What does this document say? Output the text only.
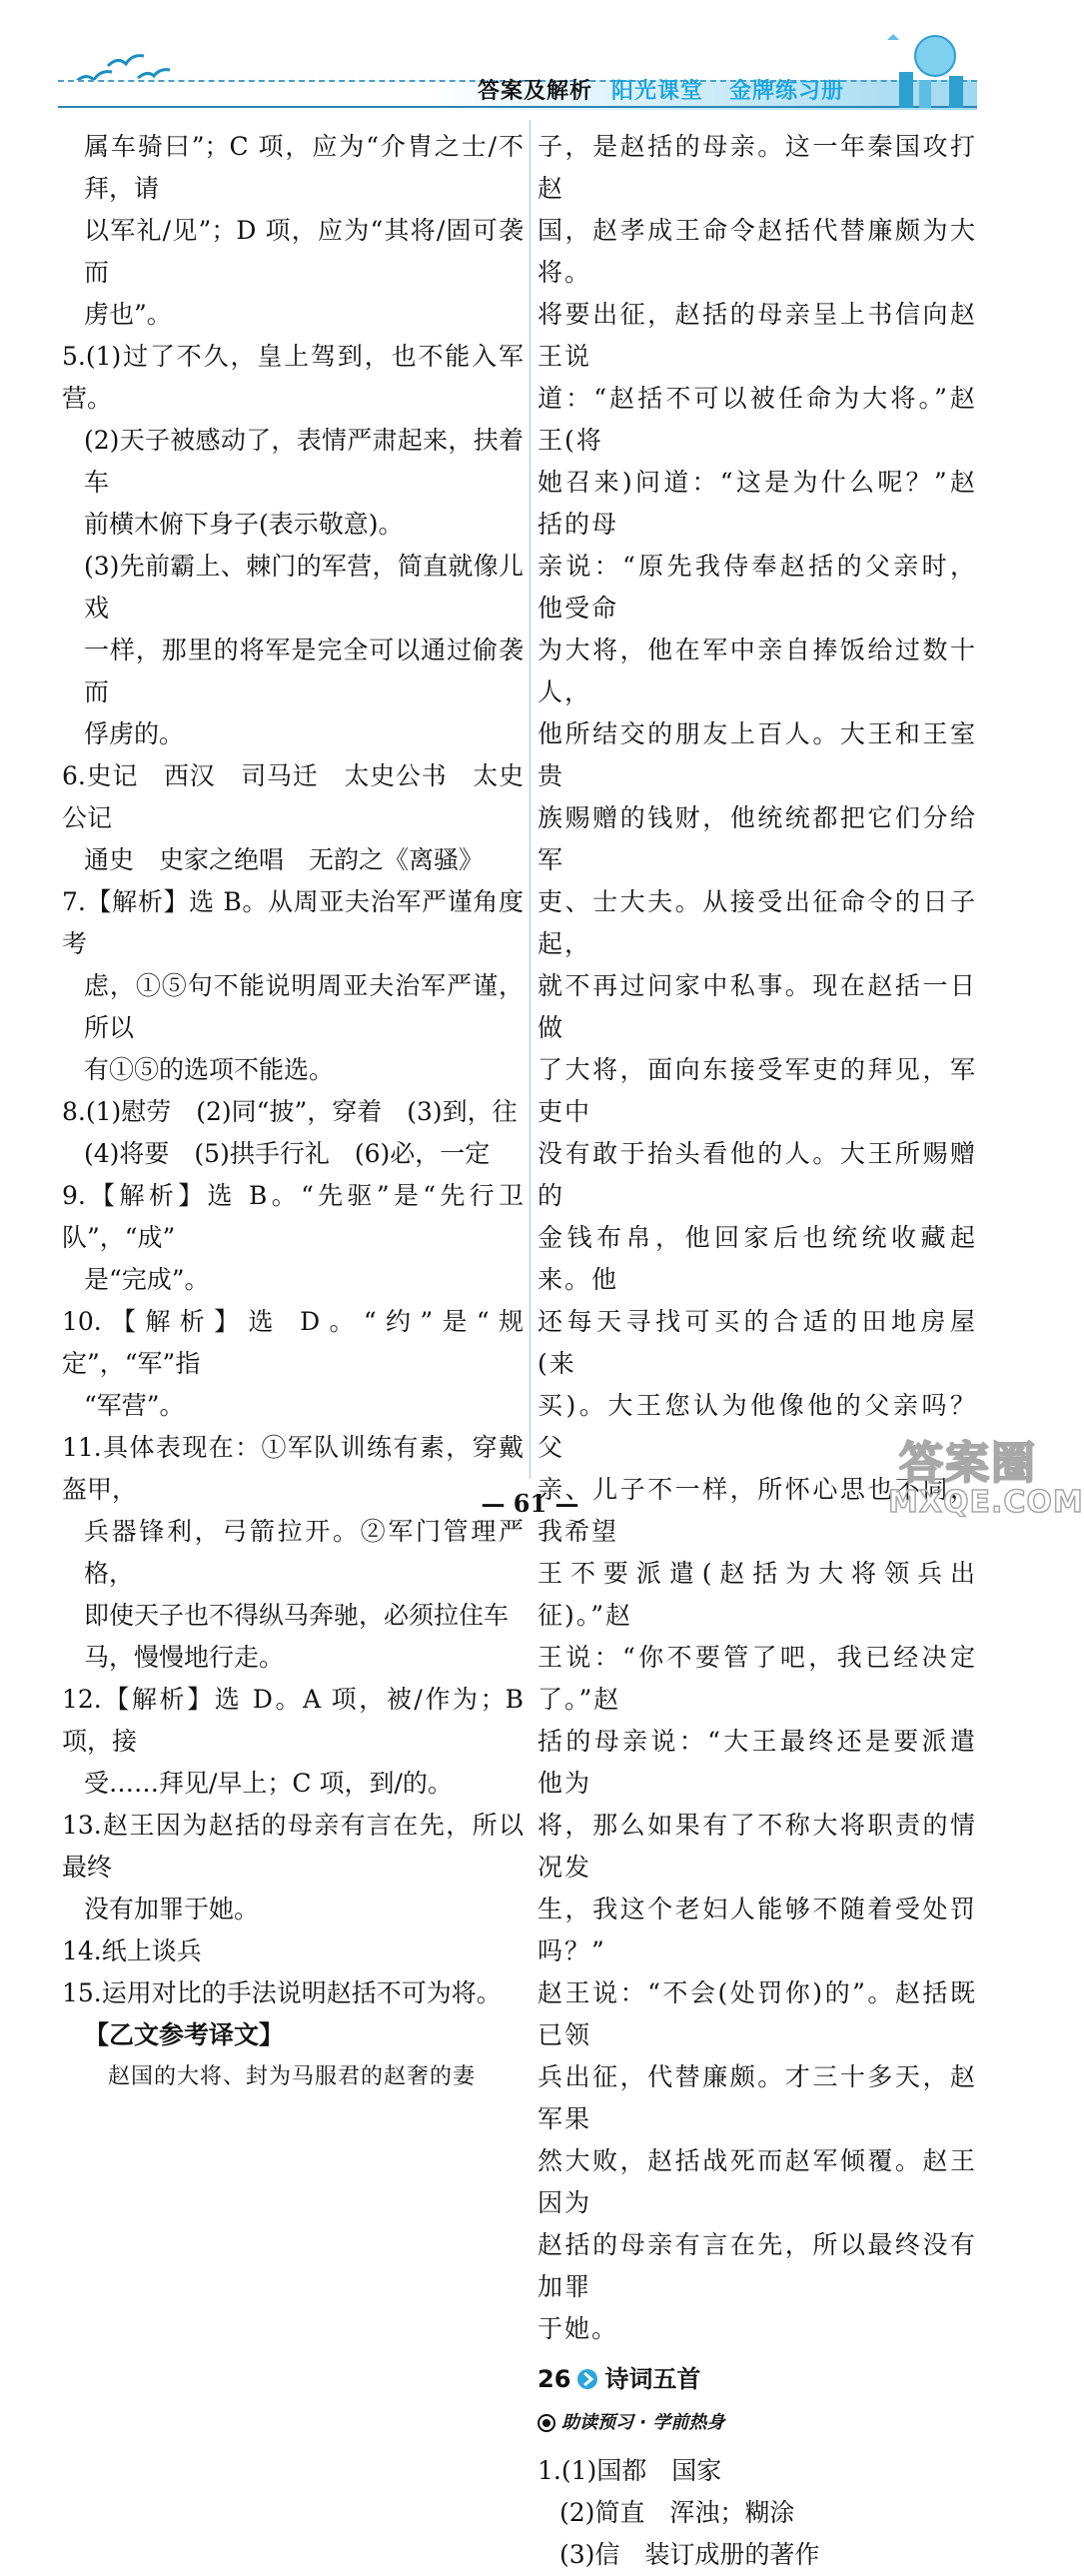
答案及解析 阳光课堂   金牌练习册

属车骑曰”；C 项，应为“介胄之士/不拜，请

以军礼/见”；D 项，应为“其将/固可袭而

虏也”。

5.(1)过了不久，皇上驾到，也不能入军营。

(2)天子被感动了，表情严肃起来，扶着车

前横木俯下身子(表示敬意)。

(3)先前霸上、棘门的军营，简直就像儿戏

一样，那里的将军是完全可以通过偷袭而

俘虏的。

6.史记　西汉　司马迁　太史公书　太史公记

通史　史家之绝唱　无韵之《离骚》

7.【解析】选 B。从周亚夫治军严谨角度考

虑，①⑤句不能说明周亚夫治军严谨，所以

有①⑤的选项不能选。

8.(1)慰劳　(2)同“披”，穿着　(3)到，往

(4)将要　(5)拱手行礼　(6)必，一定

9.【解析】选 B。“先驱”是“先行卫队”，“成”

是“完成”。

10.【解析】选 D。“约”是“规定”，“军”指

“军营”。

11.具体表现在：①军队训练有素，穿戴盔甲，

兵器锋利，弓箭拉开。②军门管理严格，

即使天子也不得纵马奔驰，必须拉住车

马，慢慢地行走。

12.【解析】选 D。A 项，被/作为；B 项，接

受……拜见/早上；C 项，到/的。

13.赵王因为赵括的母亲有言在先，所以最终

没有加罪于她。

14.纸上谈兵

15.运用对比的手法说明赵括不可为将。

【乙文参考译文】

赵国的大将、封为马服君的赵奢的妻

子，是赵括的母亲。这一年秦国攻打赵

国，赵孝成王命令赵括代替廉颇为大将。

将要出征，赵括的母亲呈上书信向赵王说

道：“赵括不可以被任命为大将。”赵王(将

她召来)问道：“这是为什么呢？”赵括的母

亲说：“原先我侍奉赵括的父亲时，他受命

为大将，他在军中亲自捧饭给过数十人，

他所结交的朋友上百人。大王和王室贵

族赐赠的钱财，他统统都把它们分给军

吏、士大夫。从接受出征命令的日子起，

就不再过问家中私事。现在赵括一日做

了大将，面向东接受军吏的拜见，军吏中

没有敢于抬头看他的人。大王所赐赠的

金钱布帛，他回家后也统统收藏起来。他

还每天寻找可买的合适的田地房屋(来

买)。大王您认为他像他的父亲吗？父

亲、儿子不一样，所怀心思也不同，我希望

王不要派遣(赵括为大将领兵出征)。”赵

王说：“你不要管了吧，我已经决定了。”赵

括的母亲说：“大王最终还是要派遣他为

将，那么如果有了不称大将职责的情况发

生，我这个老妇人能够不随着受处罚吗？”

赵王说：“不会(处罚你)的”。赵括既已领

兵出征，代替廉颇。才三十多天，赵军果

然大败，赵括战死而赵军倾覆。赵王因为

赵括的母亲有言在先，所以最终没有加罪

于她。

26 诗词五首
助读预习 · 学前热身

1.(1)国都　国家

(2)简直　浑浊；糊涂

(3)信　装订成册的著作

— 61 —
答案圈
MXQE.COM
